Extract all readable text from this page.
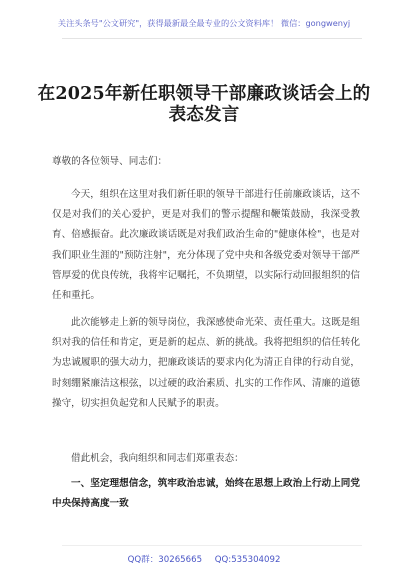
关注头条号"公文研究"，获得最新最全最专业的公文资料库！ 微信：gongwenyj
在2025年新任职领导干部廉政谈话会上的表态发言
尊敬的各位领导、同志们：

今天，组织在这里对我们新任职的领导干部进行任前廉政谈话，这不仅是对我们的关心爱护，更是对我们的警示提醒和鞭策鼓励，我深受教育、倍感振奋。此次廉政谈话既是对我们政治生命的"健康体检"，也是对我们职业生涯的"预防注射"，充分体现了党中央和各级党委对领导干部严管厚爱的优良传统，我将牢记嘱托，不负期望，以实际行动回报组织的信任和重托。

此次能够走上新的领导岗位，我深感使命光荣、责任重大。这既是组织对我的信任和肯定，更是新的起点、新的挑战。我将把组织的信任转化为忠诚履职的强大动力，把廉政谈话的要求内化为清正自律的行动自觉，时刻绷紧廉洁这根弦，以过硬的政治素质、扎实的工作作风、清廉的道德操守，切实担负起党和人民赋予的职责。

借此机会，我向组织和同志们郑重表态：

一、坚定理想信念，筑牢政治忠诚，始终在思想上政治上行动上同党中央保持高度一致

QQ群：30265665 QQ:535304092
